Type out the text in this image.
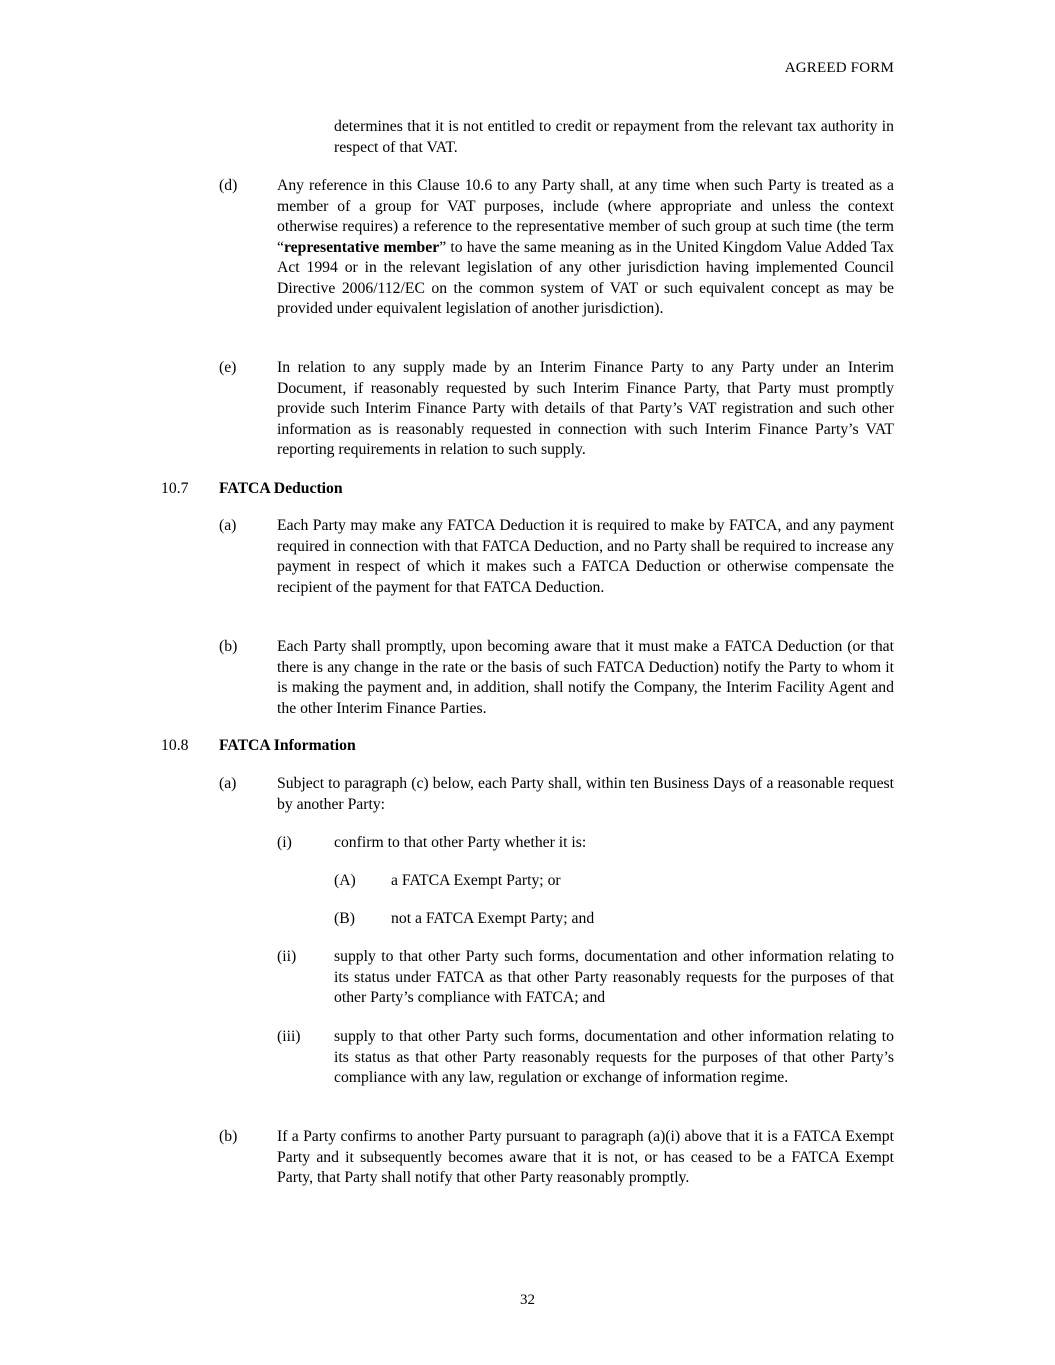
AGREED FORM
determines that it is not entitled to credit or repayment from the relevant tax authority in respect of that VAT.
(d)	Any reference in this Clause 10.6 to any Party shall, at any time when such Party is treated as a member of a group for VAT purposes, include (where appropriate and unless the context otherwise requires) a reference to the representative member of such group at such time (the term “representative member” to have the same meaning as in the United Kingdom Value Added Tax Act 1994 or in the relevant legislation of any other jurisdiction having implemented Council Directive 2006/112/EC on the common system of VAT or such equivalent concept as may be provided under equivalent legislation of another jurisdiction).
(e)	In relation to any supply made by an Interim Finance Party to any Party under an Interim Document, if reasonably requested by such Interim Finance Party, that Party must promptly provide such Interim Finance Party with details of that Party’s VAT registration and such other information as is reasonably requested in connection with such Interim Finance Party’s VAT reporting requirements in relation to such supply.
10.7 FATCA Deduction
(a)	Each Party may make any FATCA Deduction it is required to make by FATCA, and any payment required in connection with that FATCA Deduction, and no Party shall be required to increase any payment in respect of which it makes such a FATCA Deduction or otherwise compensate the recipient of the payment for that FATCA Deduction.
(b)	Each Party shall promptly, upon becoming aware that it must make a FATCA Deduction (or that there is any change in the rate or the basis of such FATCA Deduction) notify the Party to whom it is making the payment and, in addition, shall notify the Company, the Interim Facility Agent and the other Interim Finance Parties.
10.8 FATCA Information
(a)	Subject to paragraph (c) below, each Party shall, within ten Business Days of a reasonable request by another Party:
(i)	confirm to that other Party whether it is:
(A) a FATCA Exempt Party; or
(B) not a FATCA Exempt Party; and
(ii) supply to that other Party such forms, documentation and other information relating to its status under FATCA as that other Party reasonably requests for the purposes of that other Party’s compliance with FATCA; and
(iii) supply to that other Party such forms, documentation and other information relating to its status as that other Party reasonably requests for the purposes of that other Party’s compliance with any law, regulation or exchange of information regime.
(b)	If a Party confirms to another Party pursuant to paragraph (a)(i) above that it is a FATCA Exempt Party and it subsequently becomes aware that it is not, or has ceased to be a FATCA Exempt Party, that Party shall notify that other Party reasonably promptly.
32
